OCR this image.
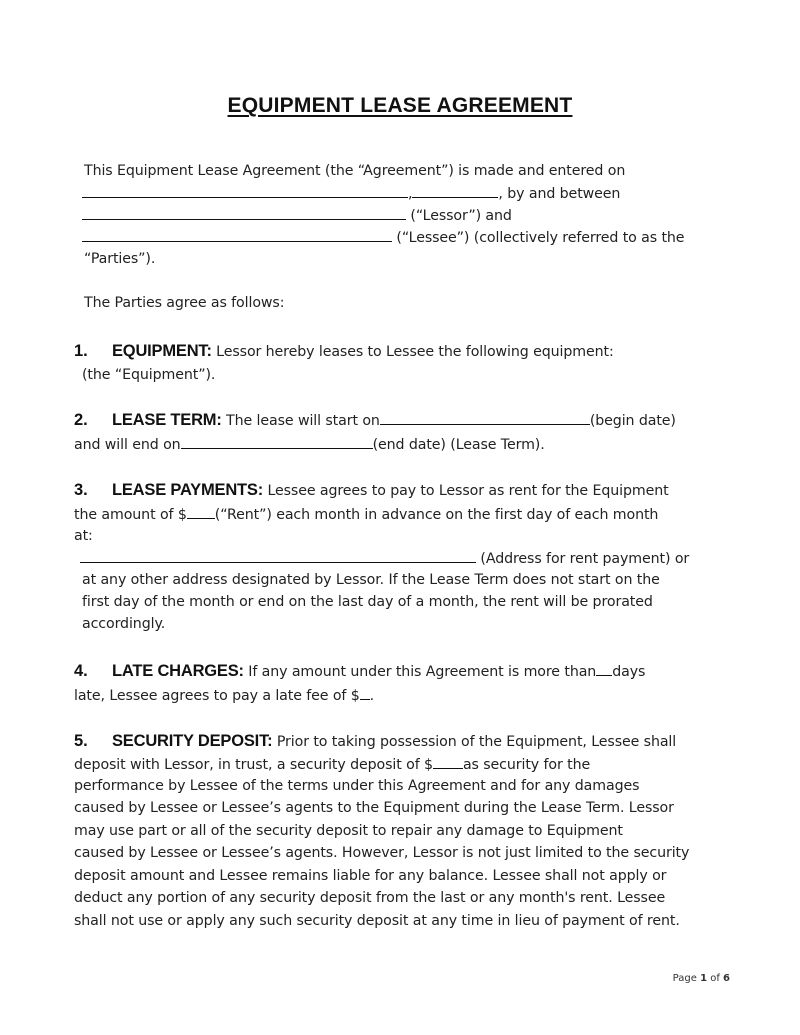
EQUIPMENT LEASE AGREEMENT
This Equipment Lease Agreement (the “Agreement”) is made and entered on
,	, by and between
(“Lessor”) and
(“Lessee”) (collectively referred to as the
“Parties”).
The Parties agree as follows:
1. EQUIPMENT: Lessor hereby leases to Lessee the following equipment:
(the “Equipment”).
2. LEASE TERM: The lease will start on	(begin date)
and will end on	(end date) (Lease Term).
3. LEASE PAYMENTS: Lessee agrees to pay to Lessor as rent for the Equipment
the amount of $ (“Rent”) each month in advance on the first day of each month
at:
(Address for rent payment) or
at any other address designated by Lessor. If the Lease Term does not start on the
first day of the month or end on the last day of a month, the rent will be prorated
accordingly.
4. LATE CHARGES: If any amount under this Agreement is more than days
late, Lessee agrees to pay a late fee of $ .
5. SECURITY DEPOSIT: Prior to taking possession of the Equipment, Lessee shall
deposit with Lessor, in trust, a security deposit of $ as security for the
performance by Lessee of the terms under this Agreement and for any damages
caused by Lessee or Lessee’s agents to the Equipment during the Lease Term. Lessor
may use part or all of the security deposit to repair any damage to Equipment
caused by Lessee or Lessee’s agents. However, Lessor is not just limited to the security
deposit amount and Lessee remains liable for any balance. Lessee shall not apply or
deduct any portion of any security deposit from the last or any month's rent. Lessee
shall not use or apply any such security deposit at any time in lieu of payment of rent.
Page 1 of 6
